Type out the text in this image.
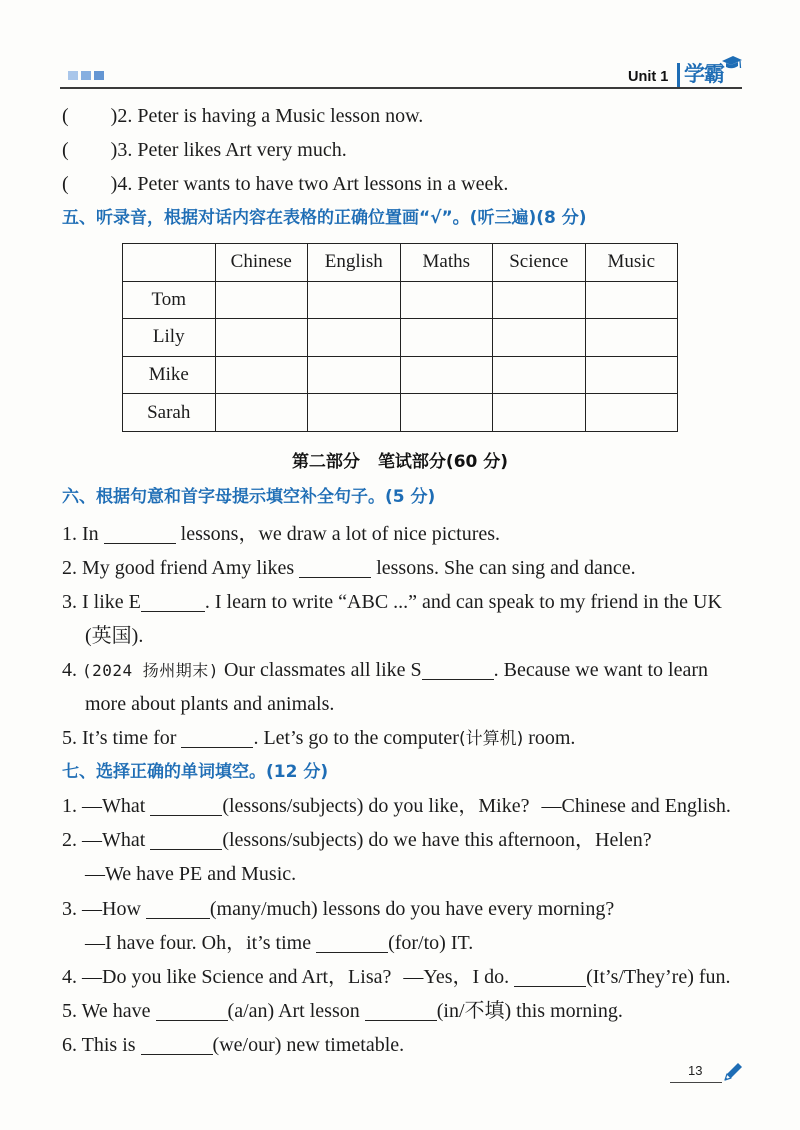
Unit 1 学霸
( )2. Peter is having a Music lesson now.
( )3. Peter likes Art very much.
( )4. Peter wants to have two Art lessons in a week.
五、听录音，根据对话内容在表格的正确位置画“√”。(听三遍)(8 分)
	Chinese	English	Maths	Science	Music
Tom					
Lily					
Mike					
Sarah					
第二部分 笔试部分(60 分)
六、根据句意和首字母提示填空补全句子。(5 分)
1. In	lessons，we draw a lot of nice pictures.
2. My good friend Amy likes	lessons. She can sing and dance.
3. I like E	. I learn to write “ABC ...” and can speak to my friend in the UK
(英国).
4. (2024 扬州期末) Our classmates all like S	. Because we want to learn
more about plants and animals.
5. It’s time for	. Let’s go to the computer(计算机) room.
七、选择正确的单词填空。(12 分)
1. —What	(lessons/subjects) do you like，Mike? —Chinese and English.
2. —What	(lessons/subjects) do we have this afternoon，Helen?
—We have PE and Music.
3. —How	(many/much) lessons do you have every morning?
—I have four. Oh，it’s time	(for/to) IT.
4. —Do you like Science and Art，Lisa? —Yes，I do.	(It’s/They’re) fun.
5. We have	(a/an) Art lesson	(in/不填) this morning.
6. This is	(we/our) new timetable.
13
